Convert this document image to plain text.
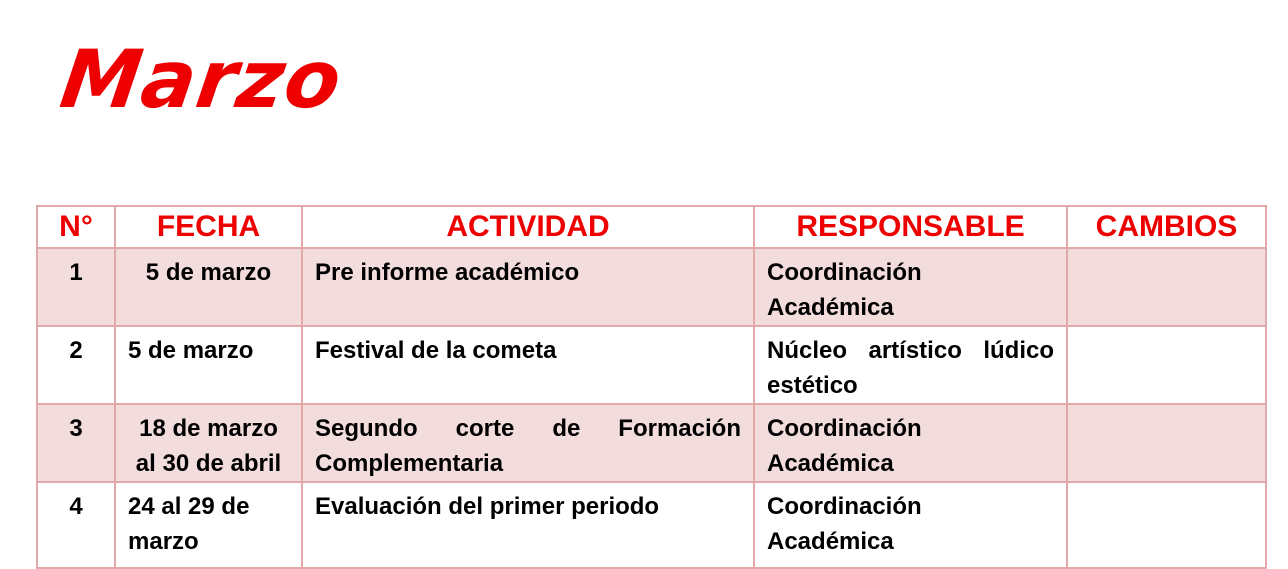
Marzo
N°	FECHA	ACTIVIDAD	RESPONSABLE	CAMBIOS
1	5 de marzo	Pre informe académico	Coordinación Académica	
2	5 de marzo	Festival de la cometa	Núcleo artístico lúdico estético	
3	18 de marzo al 30 de abril	Segundo corte de Formación Complementaria	Coordinación Académica	
4	24 al 29 de marzo	Evaluación del primer periodo	Coordinación Académica	
